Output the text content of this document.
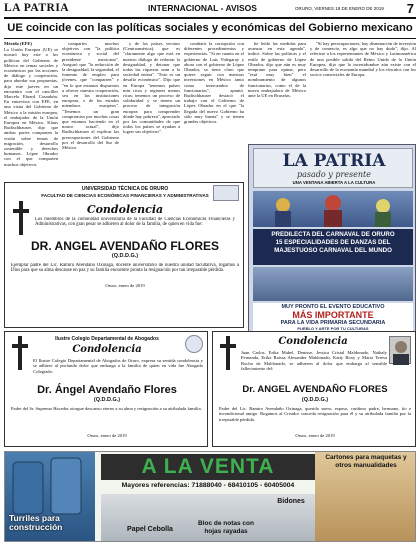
LA PATRIA	INTERNACIONAL - AVISOS	ORURO, VIERNES 18 DE ENERO DE 2019 7
UE coincide con las políticas sociales y económicas del Gobierno mexicano

Méxido (EFE)

La Unión Europea (UE) se mostró hoy este a los políticas del Gobierno de México en temas sociales y económicos por las acciones de diálogo y cooperación, para abordar sus propuestas, dijo este jueves en un encuentro con el canciller Marcelo Ebrard Casaubón. En entrevista con EFE, en una visita del Gobierno de México a la misión europea, el embajador de la Unión Europea en México, Klaus Rudischhauser, dijo que ambas partes comparten la visión sobre temas de migración, desarrollo sostenible y derechos humanos. López Obrador con el que comparten muchos objetivos.

compartes muchos objetivos con "la política económica y social del presidente mexicano". Aseguró que "la reducción de la desigualdad, la seguridad, el fomento de empleo para jóvenes, que "comparten" y "en lo que estamos dispuestos a ofrecer nuestra cooperación, sea en las instituciones europeas, o de los estados miembros europeos". "Tenemos un gran compromiso por muchas cosas que estamos haciendo en el marco actual", dijo Rudischhauser al explicar las preocupaciones del Gobierno por el desarrollo del Sur de México.

y de los países vecinos (Centroamérica), que es "claramente algo que está en nuestro diálogo de redactar la desigualdad, y detonar que todas las riquezas sean a la sociedad entera". "Esto es un desafío económico". Dijo que en Europa "tenemos países más ricos y regiones menos ricas; tenemos un proceso de solidaridad y se tienen un proceso de integración europea para comprender dónde hay pobreza", apreciado por las comunidades de que todos los países se ayudan a lograr sus objetivos".

combatir la corrupción con diferentes procedimientos y experiencias. "Si en cuanto en el gobierno de Luis Videgaray y ahora con el gobierno de López Obrador, se tiene claro que quiere seguir con nuestras inversiones en México tanto como intercambio de funcionarios", apuntó. Rudischhauser destacó el trabajo con el Gobierno de López Obrador en el que "la llegada del nuevo Gobierno ha sido muy buena" y se tienen grandes objetivos.

he leído las medidas para avanzar en esta agenda", indicó. Sobre las políticas y el estilo de gobierno de López Obrador, dijo que aún es muy temprano para opinar, pero "está muy bien" el nombramiento de algunos funcionarios, como el de la nueva embajadora de México ante la UE en Bruselas.

"Sí hay preocupaciones, hay disminución de inversión y de comercio, es algo que no hay duda", dijo. Al referirse a los representantes de México y Latinoamérica de una posible salida del Reino Unido de la Unión Europea, dijo que la incertidumbre aún existe con el desarrollo de la economía mundial y los vínculos con los socios comerciales de Europa.

LA PATRIA
pasado y presente
UNA VENTANA ABIERTA A LA CULTURA
PREDILECTA DEL CARNAVAL DE ORURO
15 ESPECIALIDADES DE DANZAS DEL
MAJESTUOSO CARNAVAL DEL MUNDO
MUY PRONTO EL EVENTO EDUCATIVO
MÁS IMPORTANTE
PARA LA VIDA PRIMARIA SECUNDARIA
PUEBLO Y ARTE POR TU CULTURAS
UNIVERSIDAD TÉCNICA DE ORURO
FACULTAD DE CIENCIAS ECONÓMICAS FINANCIERAS Y ADMINISTRATIVAS
Condolencia
Los miembros de la comunidad universitaria de la Facultad de Ciencias Económicas Financieras y Administrativas, con gran pesar se adhieren al dolor de la familia, de quien en vida fue:
DR. ANGEL AVENDAÑO FLORES
(Q.D.D.G.)
Ejemplar padre del Lic. Ramiro Avendaño Oxinaga, docente universitario de nuestra unidad facultativa, rogamos a Dios para que su alma descanse en paz y su familia encuentre pronta la resignación por tan irreparable pérdida.
Oruro, enero de 2019
Ilustre Colegio Departamental de Abogados
Condolencia
El Ilustre Colegio Departamental de Abogados de Oruro, expresa su sentida condolencia y se adhiere al profundo dolor que embarga a la familia de quien en vida fue Abogado Colegiado:
Dr. Ángel Avendaño Flores
(Q.D.D.G.)
Padre del Sr. Supremo Hacedor otorgue descanso eterno a su alma y resignación a su atribulada familia.
Oruro, enero de 2019
Condolencia
Juan Carlos, Erika Mabel, Denisse, Jessica Cristal Maldonado, Nathaly Fernanda, Erika Raissa Alexander Maldonado, Katty Roxy y Marta Teresa Rocha de Maldonado, se adhieren al dolor que embarga al sensible fallecimiento del:
Dr. ANGEL AVENDAÑO FLORES
(Q.D.D.G.)
Padre del Lic. Ramiro Avendaño Oxinaga, querido suero, esposo, cariñoso padre, hermano, tío e incondicional amigo. Rogamos al Creador conceda resignación para él y su atribulada familia por la irreparable pérdida.
Oruro, enero de 2019
A LA VENTA
Mayores referencias: 71888040 - 68410105 - 60405004
Cartones para maquetas y otros manualidades
Turriles para construcción	Papel Cebolla
Bloc de notas con hojas rayadas
Bidones
